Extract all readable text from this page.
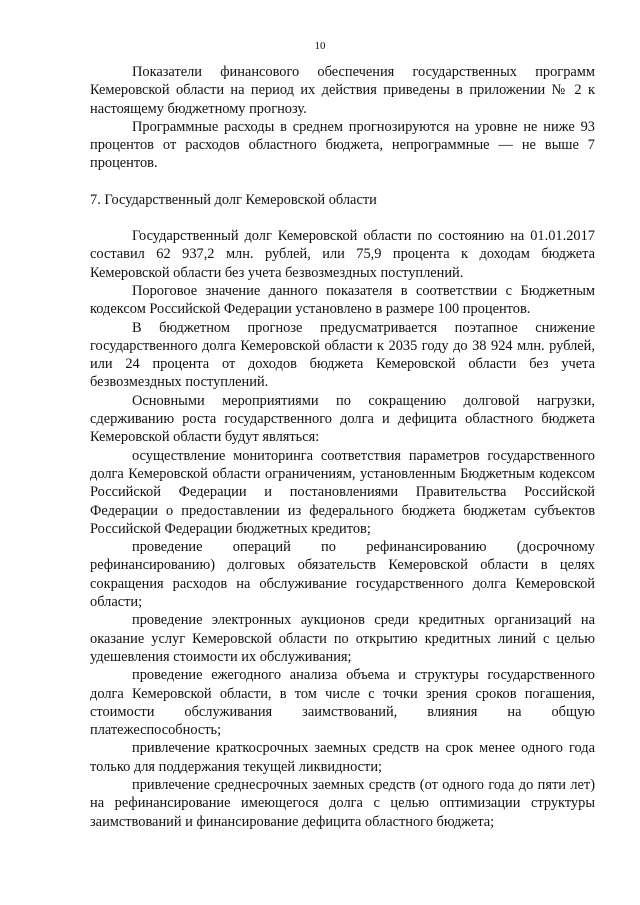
10

Показатели финансового обеспечения государственных программ Кемеровской области на период их действия приведены в приложении № 2 к настоящему бюджетному прогнозу.

Программные расходы в среднем прогнозируются на уровне не ниже 93 процентов от расходов областного бюджета, непрограммные — не выше 7 процентов.

7. Государственный долг Кемеровской области

Государственный долг Кемеровской области по состоянию на 01.01.2017 составил 62 937,2 млн. рублей, или 75,9 процента к доходам бюджета Кемеровской области без учета безвозмездных поступлений.

Пороговое значение данного показателя в соответствии с Бюджетным кодексом Российской Федерации установлено в размере 100 процентов.

В бюджетном прогнозе предусматривается поэтапное снижение государственного долга Кемеровской области к 2035 году до 38 924 млн. рублей, или 24 процента от доходов бюджета Кемеровской области без учета безвозмездных поступлений.

Основными мероприятиями по сокращению долговой нагрузки, сдерживанию роста государственного долга и дефицита областного бюджета Кемеровской области будут являться:

осуществление мониторинга соответствия параметров государственного долга Кемеровской области ограничениям, установленным Бюджетным кодексом Российской Федерации и постановлениями Правительства Российской Федерации о предоставлении из федерального бюджета бюджетам субъектов Российской Федерации бюджетных кредитов;

проведение операций по рефинансированию (досрочному рефинансированию) долговых обязательств Кемеровской области в целях сокращения расходов на обслуживание государственного долга Кемеровской области;

проведение электронных аукционов среди кредитных организаций на оказание услуг Кемеровской области по открытию кредитных линий с целью удешевления стоимости их обслуживания;

проведение ежегодного анализа объема и структуры государственного долга Кемеровской области, в том числе с точки зрения сроков погашения, стоимости обслуживания заимствований, влияния на общую платежеспособность;

привлечение краткосрочных заемных средств на срок менее одного года только для поддержания текущей ликвидности;

привлечение среднесрочных заемных средств (от одного года до пяти лет) на рефинансирование имеющегося долга с целью оптимизации структуры заимствований и финансирование дефицита областного бюджета;
